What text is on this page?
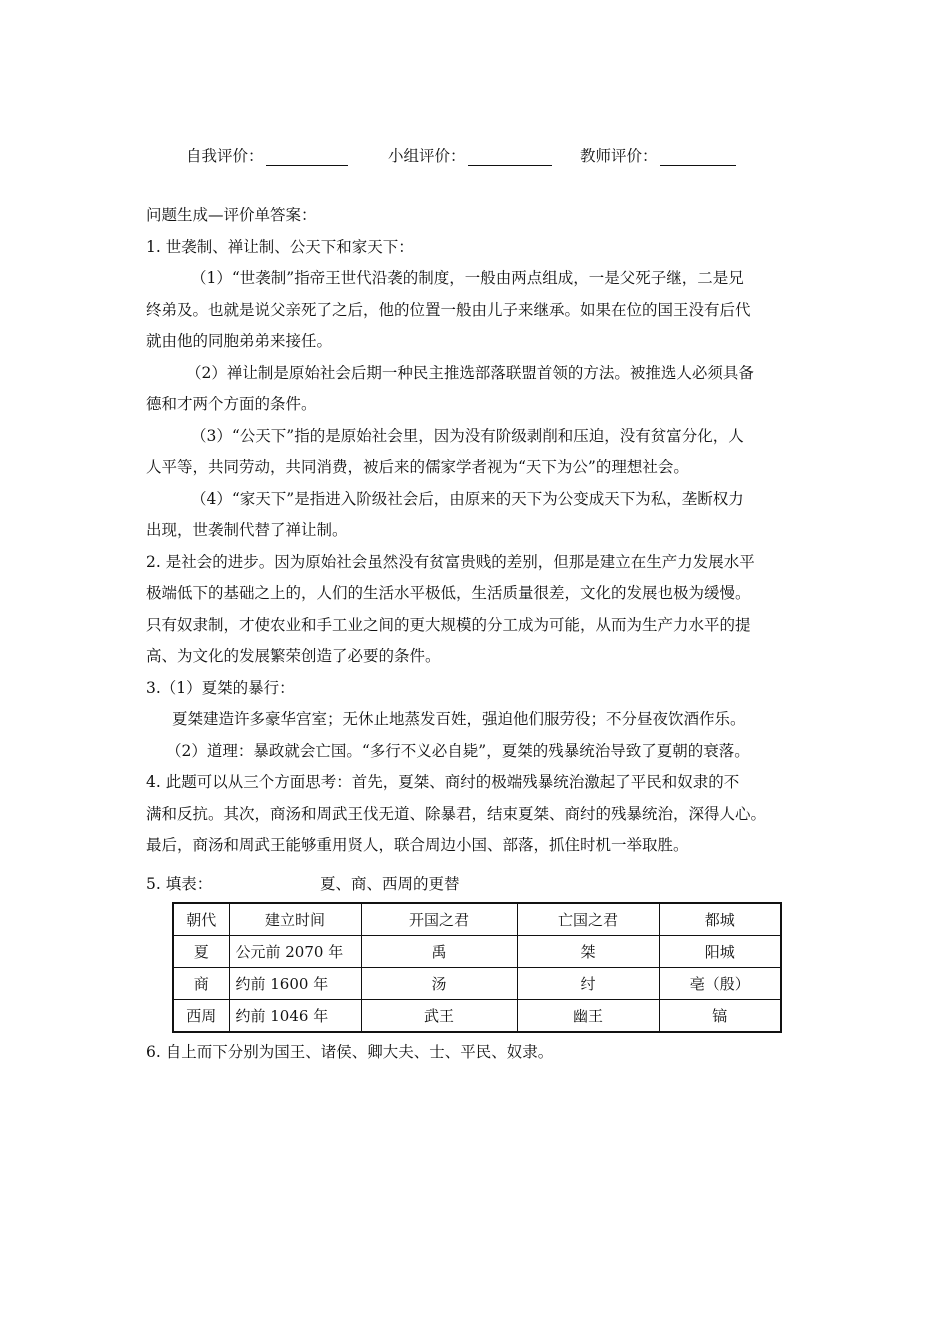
自我评价：	小组评价：	教师评价：
问题生成—评价单答案：
1. 世袭制、禅让制、公天下和家天下：
（1）“世袭制”指帝王世代沿袭的制度，一般由两点组成，一是父死子继，二是兄
终弟及。也就是说父亲死了之后，他的位置一般由儿子来继承。如果在位的国王没有后代
就由他的同胞弟弟来接任。
（2）禅让制是原始社会后期一种民主推选部落联盟首领的方法。被推选人必须具备
德和才两个方面的条件。
（3）“公天下”指的是原始社会里，因为没有阶级剥削和压迫，没有贫富分化，人
人平等，共同劳动，共同消费，被后来的儒家学者视为“天下为公”的理想社会。
（4）“家天下”是指进入阶级社会后，由原来的天下为公变成天下为私，垄断权力
出现，世袭制代替了禅让制。
2. 是社会的进步。因为原始社会虽然没有贫富贵贱的差别，但那是建立在生产力发展水平
极端低下的基础之上的，人们的生活水平极低，生活质量很差，文化的发展也极为缓慢。
只有奴隶制，才使农业和手工业之间的更大规模的分工成为可能，从而为生产力水平的提
高、为文化的发展繁荣创造了必要的条件。
3.（1）夏桀的暴行：
夏桀建造许多豪华宫室；无休止地蒸发百姓，强迫他们服劳役；不分昼夜饮酒作乐。
（2）道理：暴政就会亡国。“多行不义必自毙”，夏桀的残暴统治导致了夏朝的衰落。
4. 此题可以从三个方面思考：首先，夏桀、商纣的极端残暴统治激起了平民和奴隶的不
满和反抗。其次，商汤和周武王伐无道、除暴君，结束夏桀、商纣的残暴统治，深得人心。
最后，商汤和周武王能够重用贤人，联合周边小国、部落，抓住时机一举取胜。
5. 填表：	夏、商、西周的更替
朝代	建立时间	开国之君	亡国之君	都城
夏	公元前 2070 年	禹	桀	阳城
商	约前 1600 年	汤	纣	亳（殷）
西周	约前 1046 年	武王	幽王	镐
6. 自上而下分别为国王、诸侯、卿大夫、士、平民、奴隶。
